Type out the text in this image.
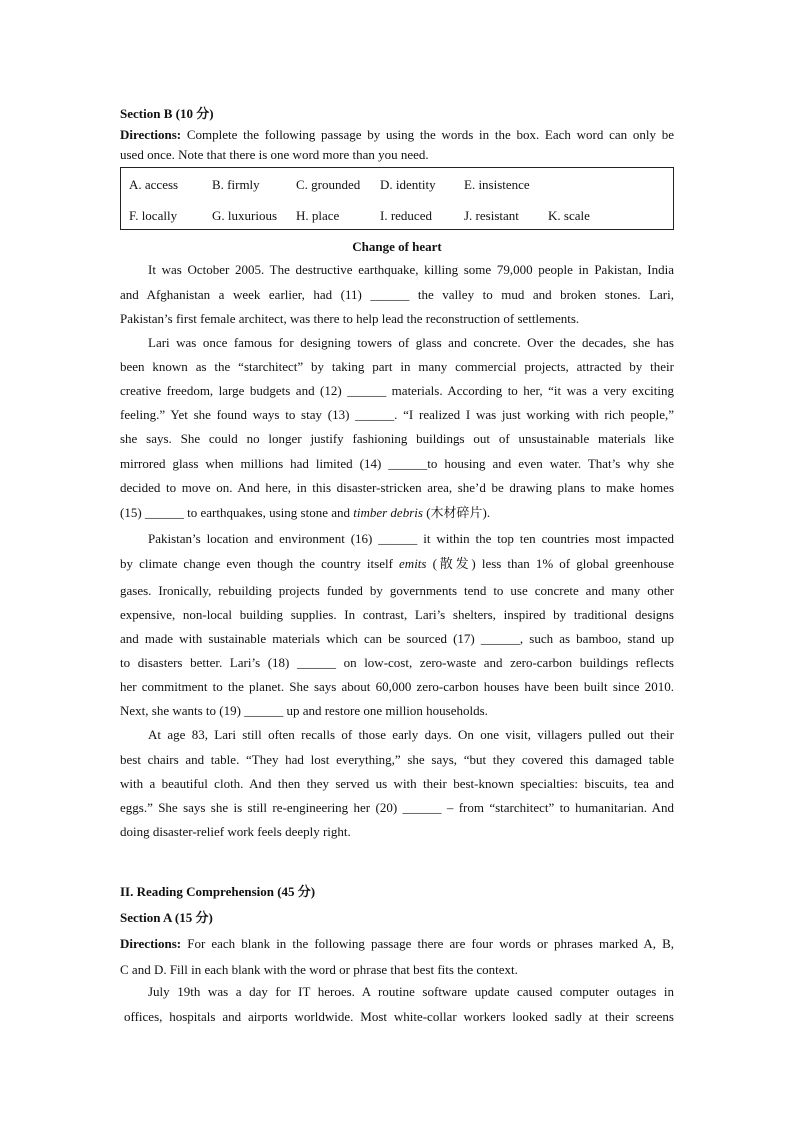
Section B (10 分)

Directions: Complete the following passage by using the words in the box. Each word can only be

used once. Note that there is one word more than you need.

A. access	B. firmly	C. grounded D. identity E. insistence
F. locally	G. luxurious H. place	I. reduced J. resistant K. scale

Change of heart

It was October 2005. The destructive earthquake, killing some 79,000 people in Pakistan, India

and Afghanistan a week earlier, had (11) ______ the valley to mud and broken stones. Lari,

Pakistan’s first female architect, was there to help lead the reconstruction of settlements.

Lari was once famous for designing towers of glass and concrete. Over the decades, she has

been known as the “starchitect” by taking part in many commercial projects, attracted by their

creative freedom, large budgets and (12) ______ materials. According to her, “it was a very exciting

feeling.” Yet she found ways to stay (13) ______. “I realized I was just working with rich people,”

she says. She could no longer justify fashioning buildings out of unsustainable materials like

mirrored glass when millions had limited (14) ______to housing and even water. That’s why she

decided to move on. And here, in this disaster-stricken area, she’d be drawing plans to make homes

(15) ______ to earthquakes, using stone and timber debris (木材碎片).

Pakistan’s location and environment (16) ______ it within the top ten countries most impacted

by climate change even though the country itself emits (散发) less than 1% of global greenhouse

gases. Ironically, rebuilding projects funded by governments tend to use concrete and many other

expensive, non-local building supplies. In contrast, Lari’s shelters, inspired by traditional designs

and made with sustainable materials which can be sourced (17) ______, such as bamboo, stand up

to disasters better. Lari’s (18) ______ on low-cost, zero-waste and zero-carbon buildings reflects

her commitment to the planet. She says about 60,000 zero-carbon houses have been built since 2010.

Next, she wants to (19) ______ up and restore one million households.

At age 83, Lari still often recalls of those early days. On one visit, villagers pulled out their

best chairs and table. “They had lost everything,” she says, “but they covered this damaged table

with a beautiful cloth. And then they served us with their best-known specialties: biscuits, tea and

eggs.” She says she is still re-engineering her (20) ______ – from “starchitect” to humanitarian. And

doing disaster-relief work feels deeply right.

II. Reading Comprehension (45 分)

Section A (15 分)

Directions: For each blank in the following passage there are four words or phrases marked A, B,

C and D. Fill in each blank with the word or phrase that best fits the context.

July 19th was a day for IT heroes. A routine software update caused computer outages in

offices, hospitals and airports worldwide. Most white-collar workers looked sadly at their screens
